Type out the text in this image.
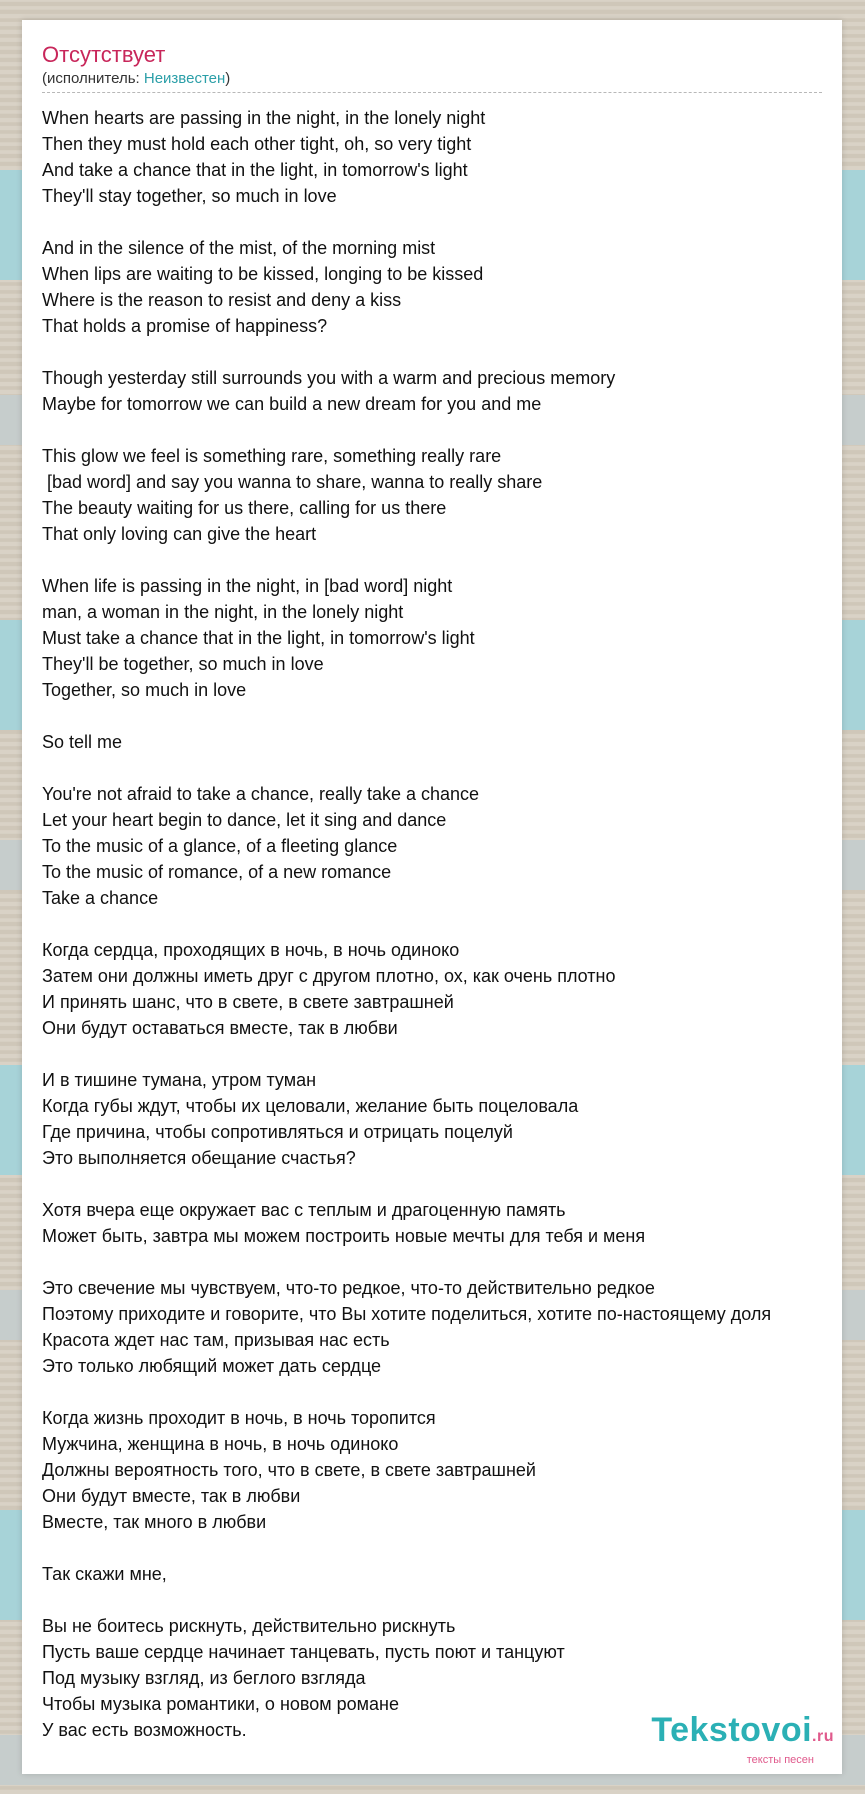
Отсутствует
(исполнитель: Неизвестен)
When hearts are passing in the night, in the lonely night
Then they must hold each other tight, oh, so very tight
And take a chance that in the light, in tomorrow's light
They'll stay together, so much in love
And in the silence of the mist, of the morning mist
When lips are waiting to be kissed, longing to be kissed
Where is the reason to resist and deny a kiss
That holds a promise of happiness?
Though yesterday still surrounds you with a warm and precious memory
Maybe for tomorrow we can build a new dream for you and me
This glow we feel is something rare, something really rare
[bad word] and say you wanna to share, wanna to really share
The beauty waiting for us there, calling for us there
That only loving can give the heart
When life is passing in the night, in [bad word] night
man, a woman in the night, in the lonely night
Must take a chance that in the light, in tomorrow's light
They'll be together, so much in love
Together, so much in love
So tell me
You're not afraid to take a chance, really take a chance
Let your heart begin to dance, let it sing and dance
To the music of a glance, of a fleeting glance
To the music of romance, of a new romance
Take a chance
Когда сердца, проходящих в ночь, в ночь одиноко
Затем они должны иметь друг с другом плотно, ох, как очень плотно
И принять шанс, что в свете, в свете завтрашней
Они будут оставаться вместе, так в любви
И в тишине тумана, утром туман
Когда губы ждут, чтобы их целовали, желание быть поцеловала
Где причина, чтобы сопротивляться и отрицать поцелуй
Это выполняется обещание счастья?
Хотя вчера еще окружает вас с теплым и драгоценную память
Может быть, завтра мы можем построить новые мечты для тебя и меня
Это свечение мы чувствуем, что-то редкое, что-то действительно редкое
Поэтому приходите и говорите, что Вы хотите поделиться, хотите по-настоящему доля
Красота ждет нас там, призывая нас есть
Это только любящий может дать сердце
Когда жизнь проходит в ночь, в ночь торопится
Мужчина, женщина в ночь, в ночь одиноко
Должны вероятность того, что в свете, в свете завтрашней
Они будут вместе, так в любви
Вместе, так много в любви
Так скажи мне,
Вы не боитесь рискнуть, действительно рискнуть
Пусть ваше сердце начинает танцевать, пусть поют и танцуют
Под музыку взгляд, из беглого взгляда
Чтобы музыка романтики, о новом романе
У вас есть возможность.	Tekstovoi.ru
тексты песен
